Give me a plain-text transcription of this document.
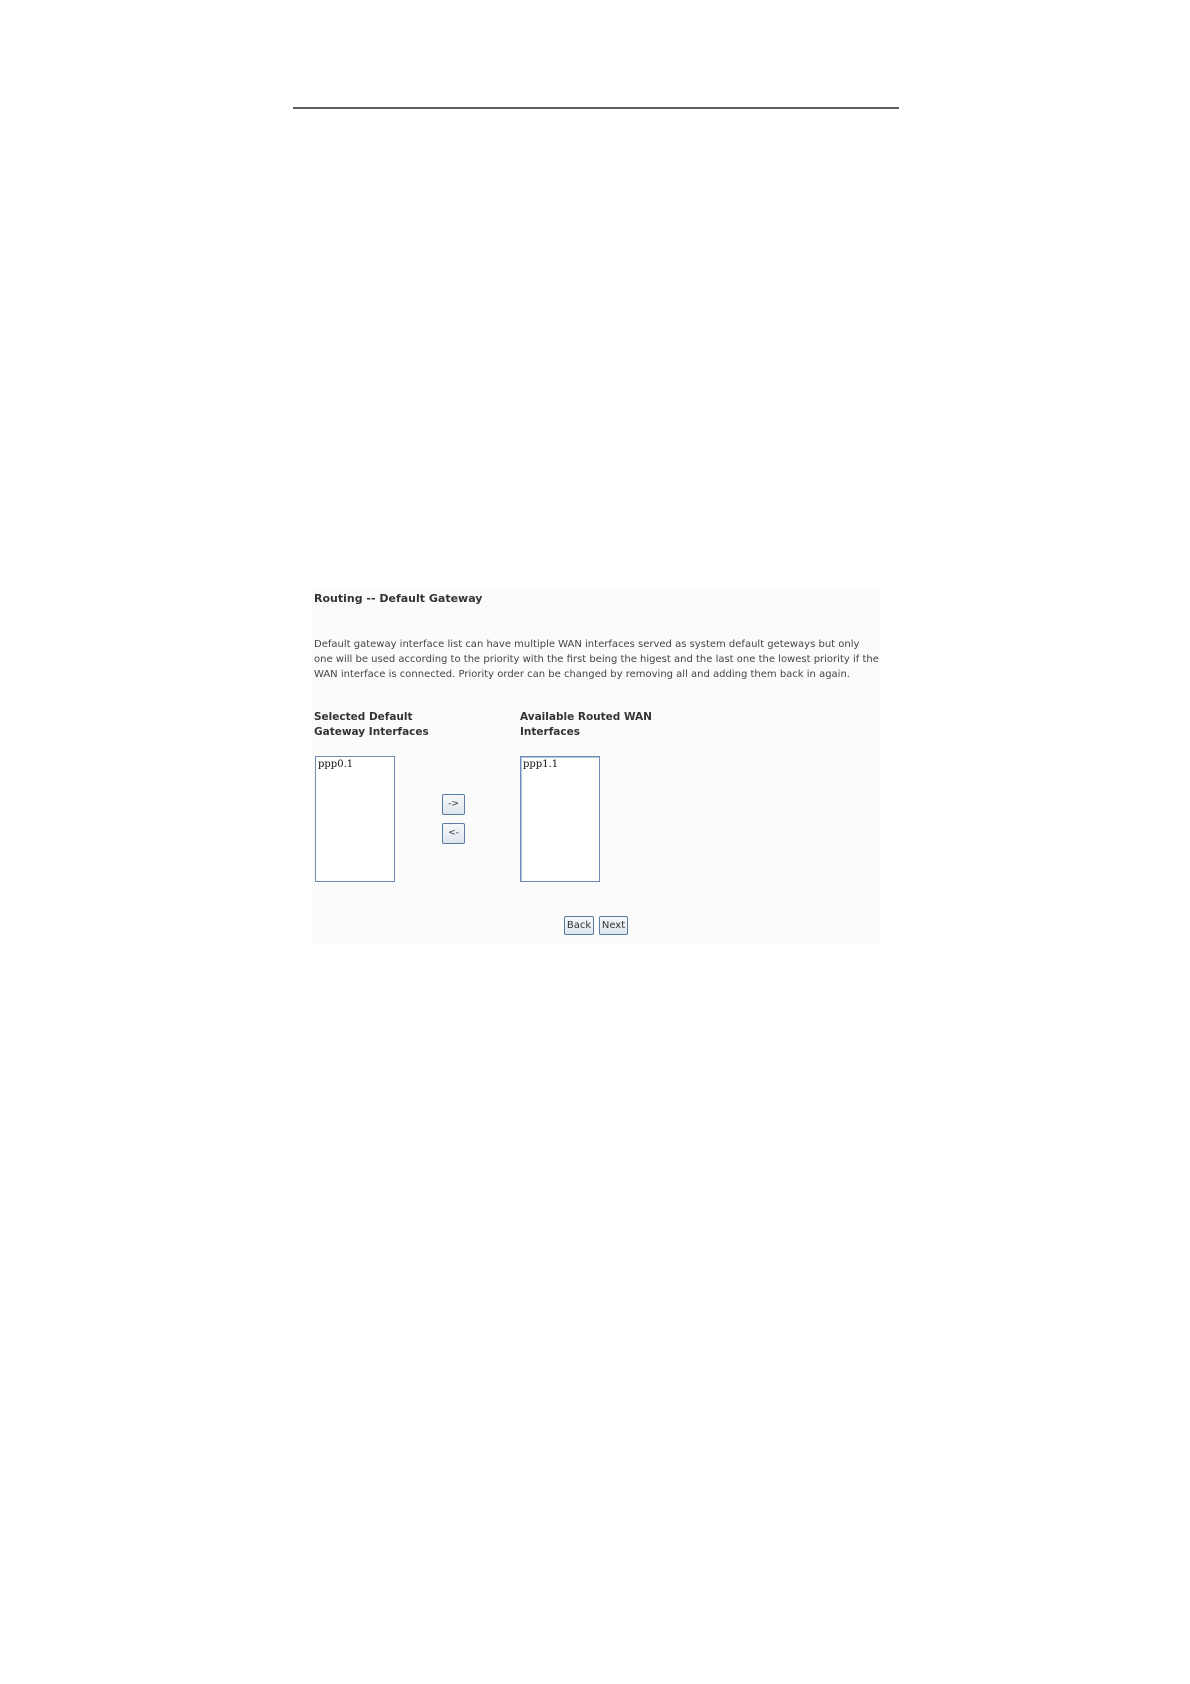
Routing -- Default Gateway
Default gateway interface list can have multiple WAN interfaces served as system default geteways but only one will be used according to the priority with the first being the higest and the last one the lowest priority if the WAN interface is connected. Priority order can be changed by removing all and adding them back in again.
Selected Default
Gateway Interfaces
Available Routed WAN
Interfaces
ppp0.1
->
<-
ppp1.1
Back Next
